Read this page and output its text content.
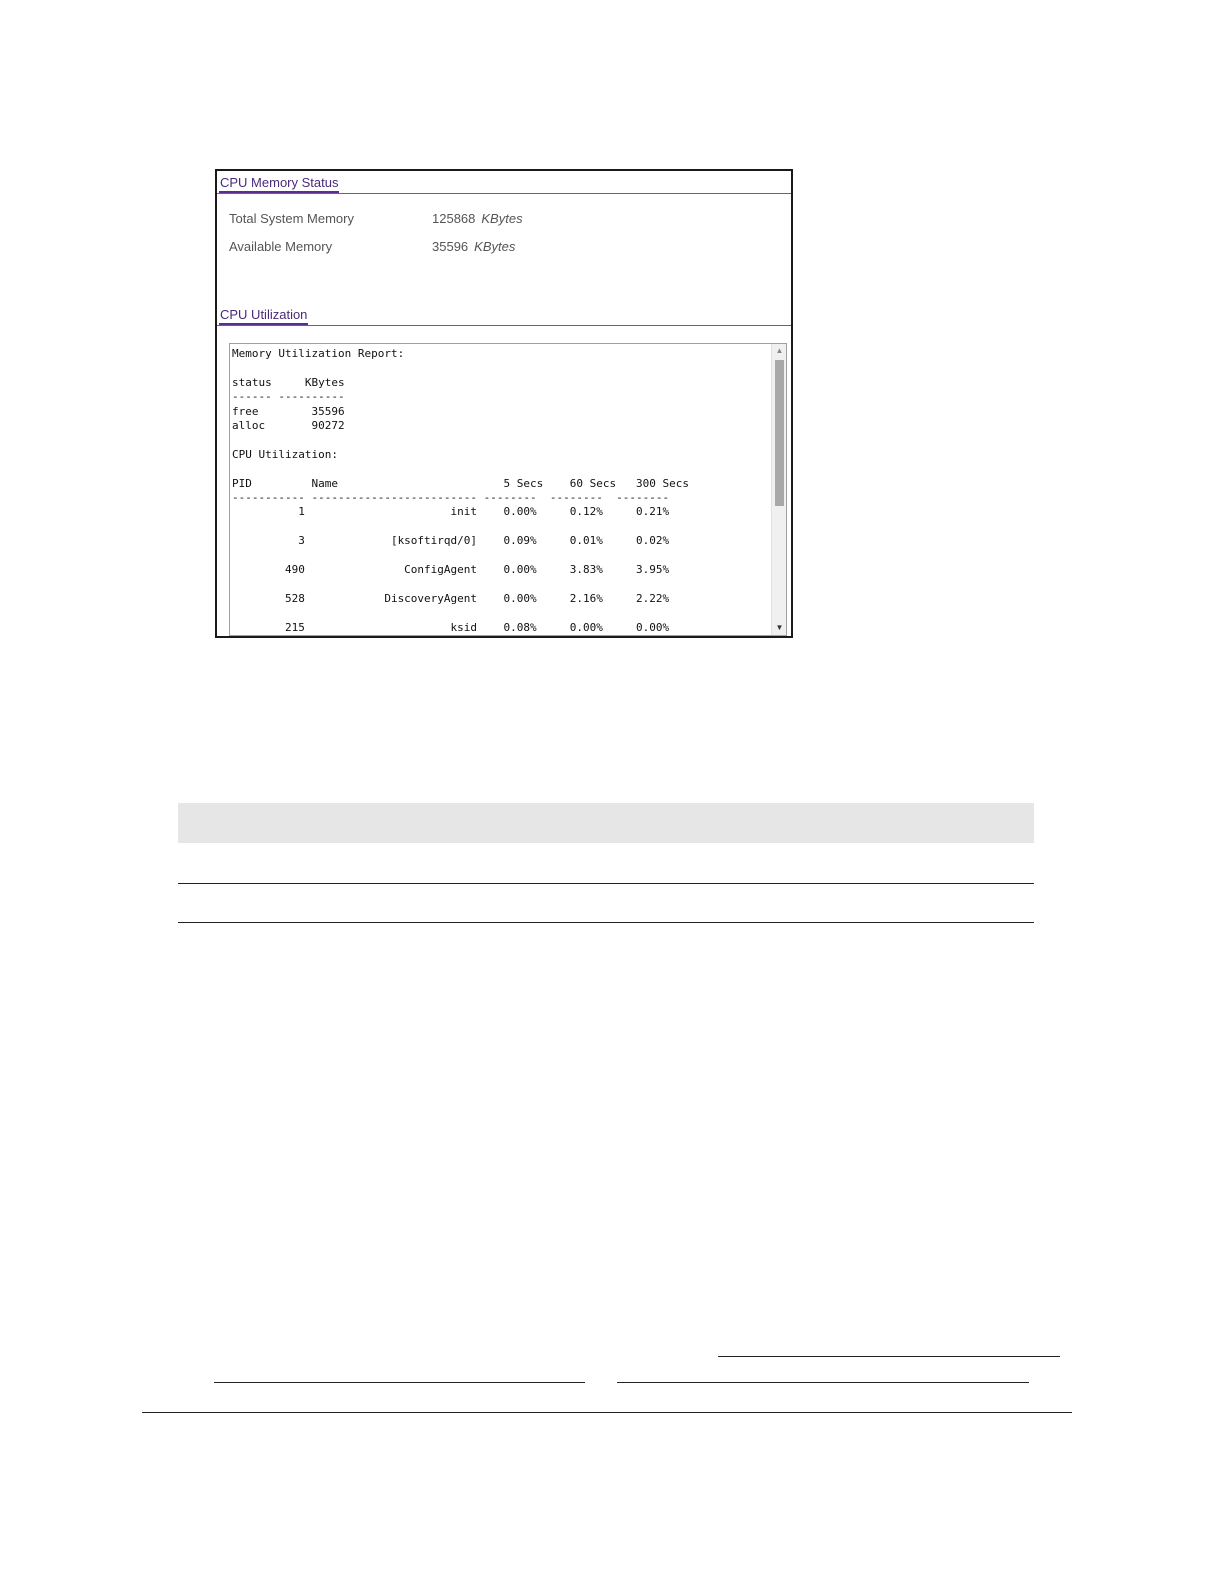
CPU Memory Status
Total System Memory	125868 KBytes
Available Memory	35596 KBytes
CPU Utilization
Memory Utilization Report:

status     KBytes
------ ----------
free        35596
alloc       90272

CPU Utilization:

PID         Name                         5 Secs    60 Secs   300 Secs
----------- ------------------------- --------  --------  --------
1                      init    0.00%     0.12%     0.21%

3             [ksoftirqd/0]    0.09%     0.01%     0.02%

490               ConfigAgent    0.00%     3.83%     3.95%

528            DiscoveryAgent    0.00%     2.16%     2.22%

215                      ksid    0.08%     0.00%     0.00%
▲
▼
